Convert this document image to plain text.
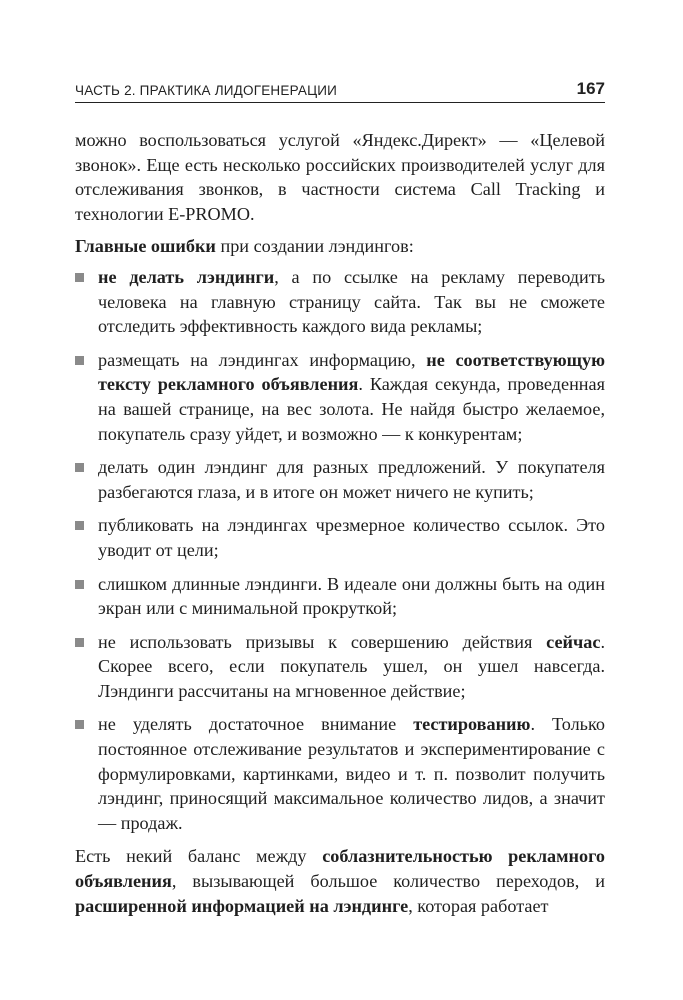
ЧАСТЬ 2. ПРАКТИКА ЛИДОГЕНЕРАЦИИ	167

можно воспользоваться услугой «Яндекс.Директ» — «Целевой звонок». Еще есть несколько российских производителей услуг для отслеживания звонков, в частности система Call Tracking и технологии E-PROMO.

Главные ошибки при создании лэндингов:

не делать лэндинги, а по ссылке на рекламу переводить человека на главную страницу сайта. Так вы не сможете отследить эффективность каждого вида рекламы;
размещать на лэндингах информацию, не соответствующую тексту рекламного объявления. Каждая секунда, проведенная на вашей странице, на вес золота. Не найдя быстро желаемое, покупатель сразу уйдет, и возможно — к конкурентам;
делать один лэндинг для разных предложений. У покупателя разбегаются глаза, и в итоге он может ничего не купить;
публиковать на лэндингах чрезмерное количество ссылок. Это уводит от цели;
слишком длинные лэндинги. В идеале они должны быть на один экран или с минимальной прокруткой;
не использовать призывы к совершению действия сейчас. Скорее всего, если покупатель ушел, он ушел навсегда. Лэндинги рассчитаны на мгновенное действие;
не уделять достаточное внимание тестированию. Только постоянное отслеживание результатов и экспериментирование с формулировками, картинками, видео и т. п. позволит получить лэндинг, приносящий максимальное количество лидов, а значит — продаж.

Есть некий баланс между соблазнительностью рекламного объявления, вызывающей большое количество переходов, и расширенной информацией на лэндинге, которая работает
